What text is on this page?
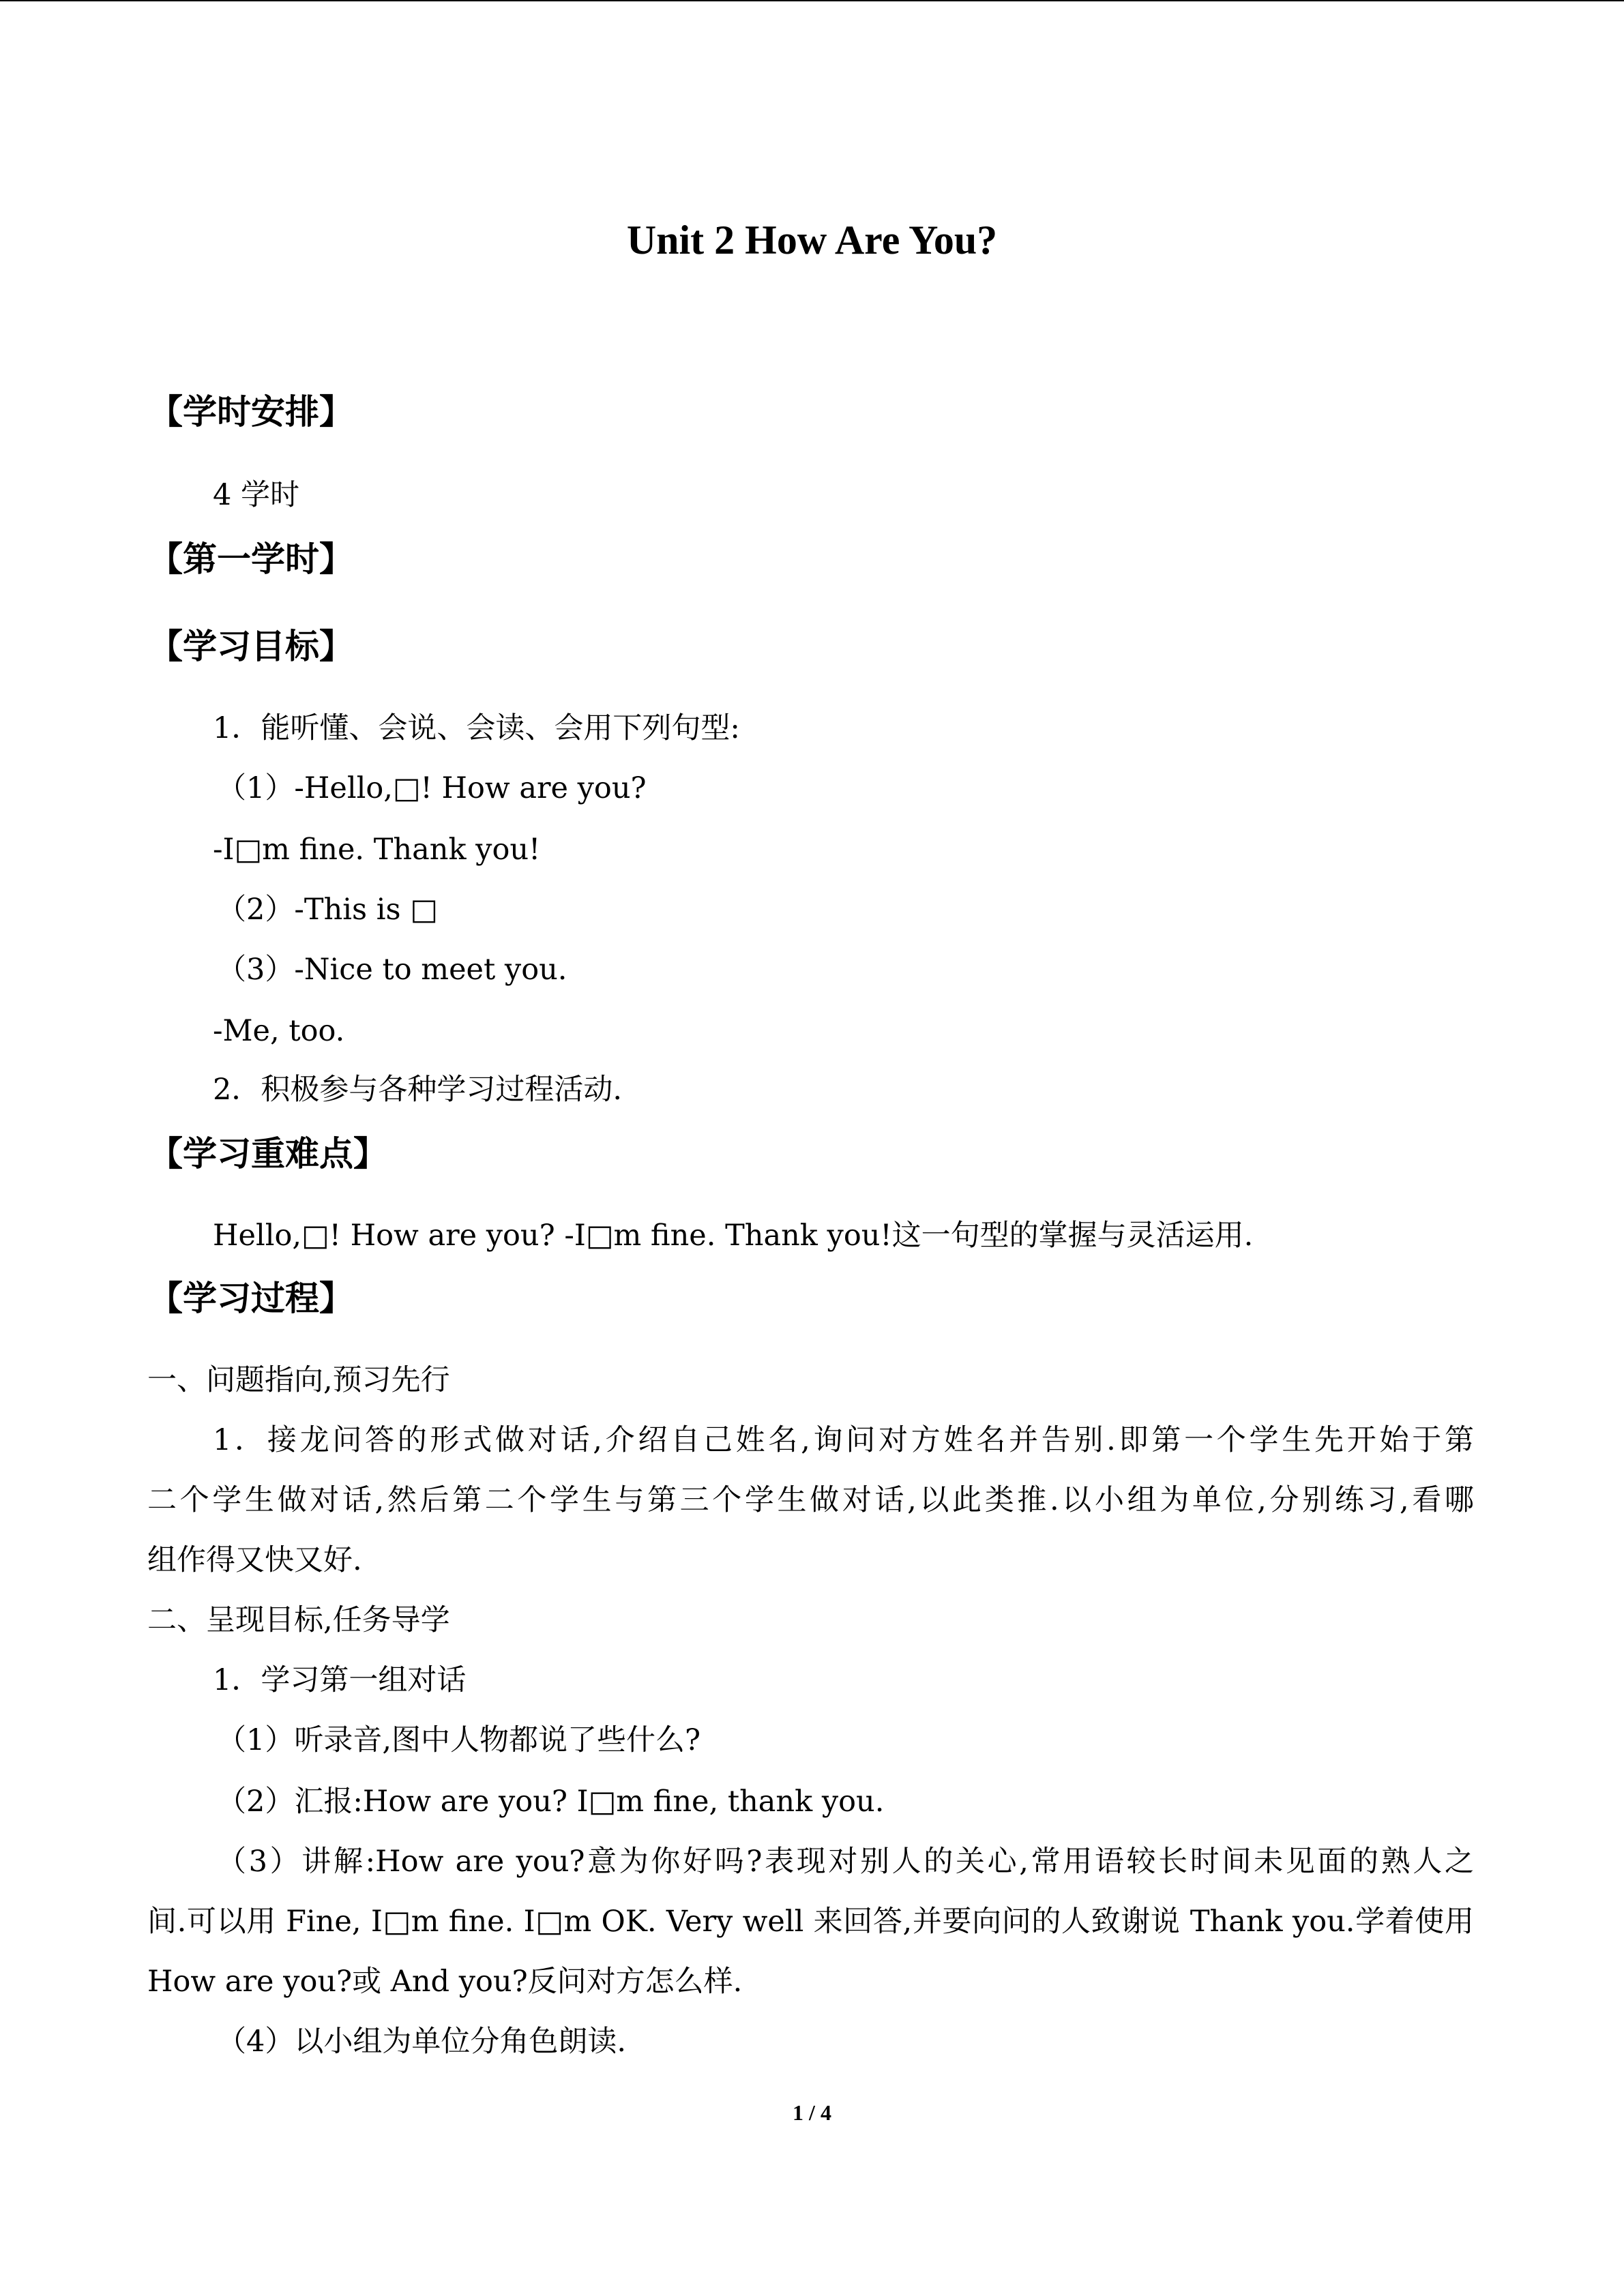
Unit 2 How Are You?
【学时安排】
4 学时
【第一学时】
【学习目标】
1．能听懂、会说、会读、会用下列句型:
（1）-Hello,□! How are you?
-I□m fine. Thank you!
（2）-This is □
（3）-Nice to meet you.
-Me, too.
2．积极参与各种学习过程活动.
【学习重难点】
Hello,□! How are you? -I□m fine. Thank you!这一句型的掌握与灵活运用.
【学习过程】
一、问题指向,预习先行
1．接龙问答的形式做对话,介绍自己姓名,询问对方姓名并告别.即第一个学生先开始于第
二个学生做对话,然后第二个学生与第三个学生做对话,以此类推.以小组为单位,分别练习,看哪
组作得又快又好.
二、呈现目标,任务导学
1．学习第一组对话
（1）听录音,图中人物都说了些什么?
（2）汇报:How are you? I□m fine, thank you.
（3）讲解:How are you?意为你好吗?表现对别人的关心,常用语较长时间未见面的熟人之
间.可以用 Fine, I□m fine. I□m OK. Very well 来回答,并要向问的人致谢说 Thank you.学着使用
How are you?或 And you?反问对方怎么样.
（4）以小组为单位分角色朗读.
1 / 4
